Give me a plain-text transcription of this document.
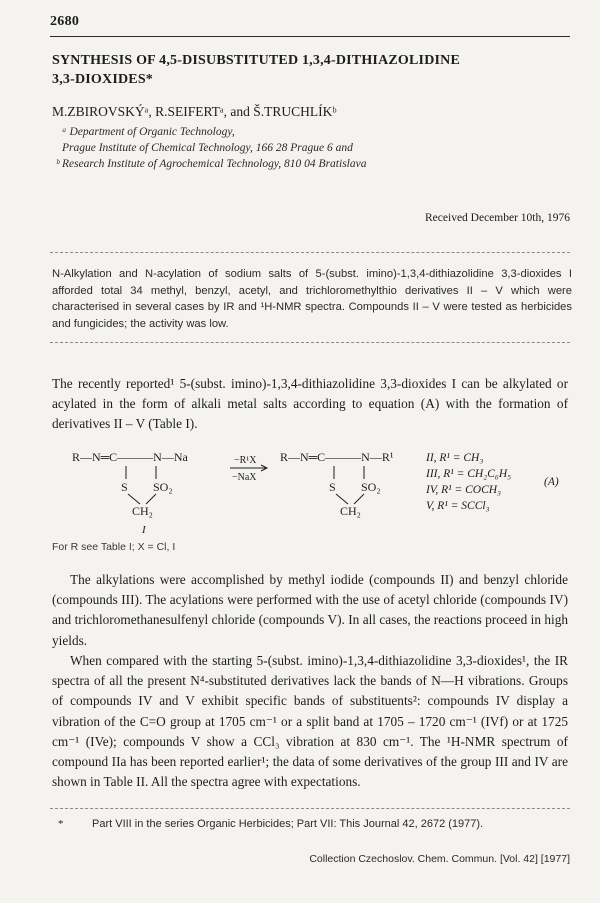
2680
SYNTHESIS OF 4,5-DISUBSTITUTED 1,3,4-DITHIAZOLIDINE
3,3-DIOXIDES*
M.ZBIROVSKÝᵃ, R.SEIFERTᵃ, and Š.TRUCHLÍKᵇ
ᵃ Department of Organic Technology,
Prague Institute of Chemical Technology, 166 28 Prague 6 and
ᵇ Research Institute of Agrochemical Technology, 810 04 Bratislava
Received December 10th, 1976
N-Alkylation and N-acylation of sodium salts of 5-(subst. imino)-1,3,4-dithiazolidine 3,3-dioxides I afforded total 34 methyl, benzyl, acetyl, and trichloromethylthio derivatives II – V which were characterised in several cases by IR and ¹H-NMR spectra. Compounds II – V were tested as herbicides and fungicides; the activity was low.
The recently reported¹ 5-(subst. imino)-1,3,4-dithiazolidine 3,3-dioxides I can be alkylated or acylated in the form of alkali metal salts according to equation (A) with the formation of derivatives II – V (Table I).
R—N═C———N—Na
S SO₂
CH₂
I
−R¹X
−NaX
R—N═C———N—R¹
S SO₂
CH₂
II, R¹ = CH₃
III, R¹ = CH₂C₆H₅
IV, R¹ = COCH₃
V, R¹ = SCCl₃
(A)
For R see Table I; X = Cl, I
The alkylations were accomplished by methyl iodide (compounds II) and benzyl chloride (compounds III). The acylations were performed with the use of acetyl chloride (compounds IV) and trichloromethanesulfenyl chloride (compounds V). In all cases, the reactions proceed in high yields.
When compared with the starting 5-(subst. imino)-1,3,4-dithiazolidine 3,3-dioxides¹, the IR spectra of all the present N⁴-substituted derivatives lack the bands of N—H vibrations. Groups of compounds IV and V exhibit specific bands of substituents²: compounds IV display a vibration of the C=O group at 1705 cm⁻¹ or a split band at 1705 – 1720 cm⁻¹ (IVf) or at 1725 cm⁻¹ (IVe); compounds V show a CCl₃ vibration at 830 cm⁻¹. The ¹H-NMR spectrum of compound IIa has been reported earlier¹; the data of some derivatives of the group III and IV are shown in Table II. All the spectra agree with expectations.
*	Part VIII in the series Organic Herbicides; Part VII: This Journal 42, 2672 (1977).
Collection Czechoslov. Chem. Commun. [Vol. 42] [1977]
